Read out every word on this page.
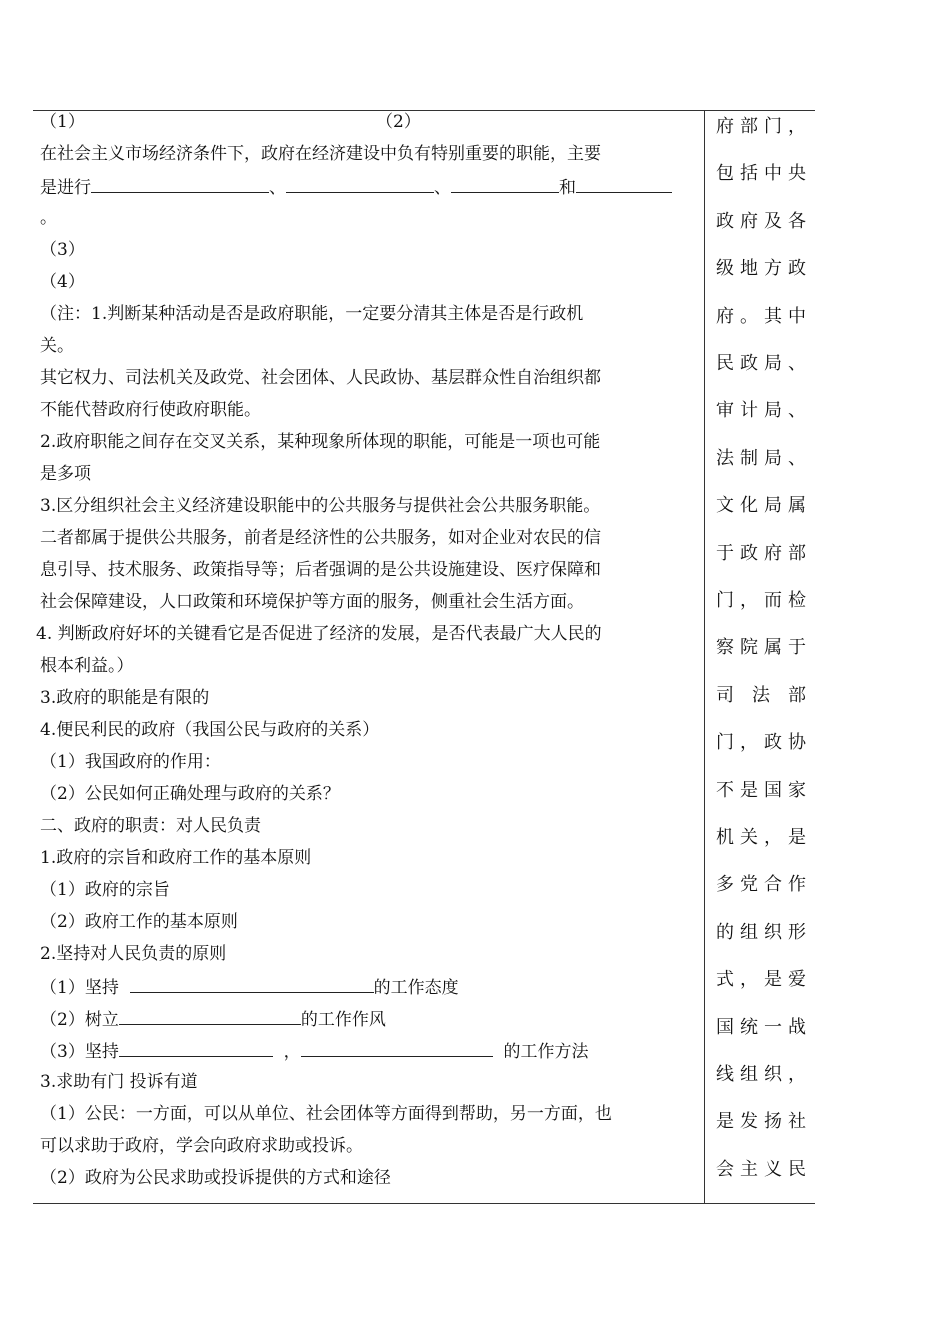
（1）	（2）
在社会主义市场经济条件下，政府在经济建设中负有特别重要的职能，主要
是进行	、	、	和
。
（3）
（4）
（注：1.判断某种活动是否是政府职能，一定要分清其主体是否是行政机
关。
其它权力、司法机关及政党、社会团体、人民政协、基层群众性自治组织都
不能代替政府行使政府职能。
2.政府职能之间存在交叉关系，某种现象所体现的职能，可能是一项也可能
是多项
3.区分组织社会主义经济建设职能中的公共服务与提供社会公共服务职能。
二者都属于提供公共服务，前者是经济性的公共服务，如对企业对农民的信
息引导、技术服务、政策指导等；后者强调的是公共设施建设、医疗保障和
社会保障建设，人口政策和环境保护等方面的服务，侧重社会生活方面。
4. 判断政府好坏的关键看它是否促进了经济的发展，是否代表最广大人民的
根本利益。）
3.政府的职能是有限的
4.便民利民的政府（我国公民与政府的关系）
（1）我国政府的作用：
（2）公民如何正确处理与政府的关系？
二、政府的职责：对人民负责
1.政府的宗旨和政府工作的基本原则
（1）政府的宗旨
（2）政府工作的基本原则
2.坚持对人民负责的原则
（1）坚持	的工作态度
（2）树立	的工作作风
（3）坚持	，	的工作方法
3.求助有门 投诉有道
（1）公民：一方面，可以从单位、社会团体等方面得到帮助，另一方面，也
可以求助于政府，学会向政府求助或投诉。
（2）政府为公民求助或投诉提供的方式和途径
府 部 门 ，
包 括 中 央
政 府 及 各
级 地 方 政
府 。 其 中
民 政 局 、
审 计 局 、
法 制 局 、
文 化 局 属
于 政 府 部
门 ， 而 检
察 院 属 于
司 法 部
门 ， 政 协
不 是 国 家
机 关 ， 是
多 党 合 作
的 组 织 形
式 ， 是 爱
国 统 一 战
线 组 织 ，
是 发 扬 社
会 主 义 民
